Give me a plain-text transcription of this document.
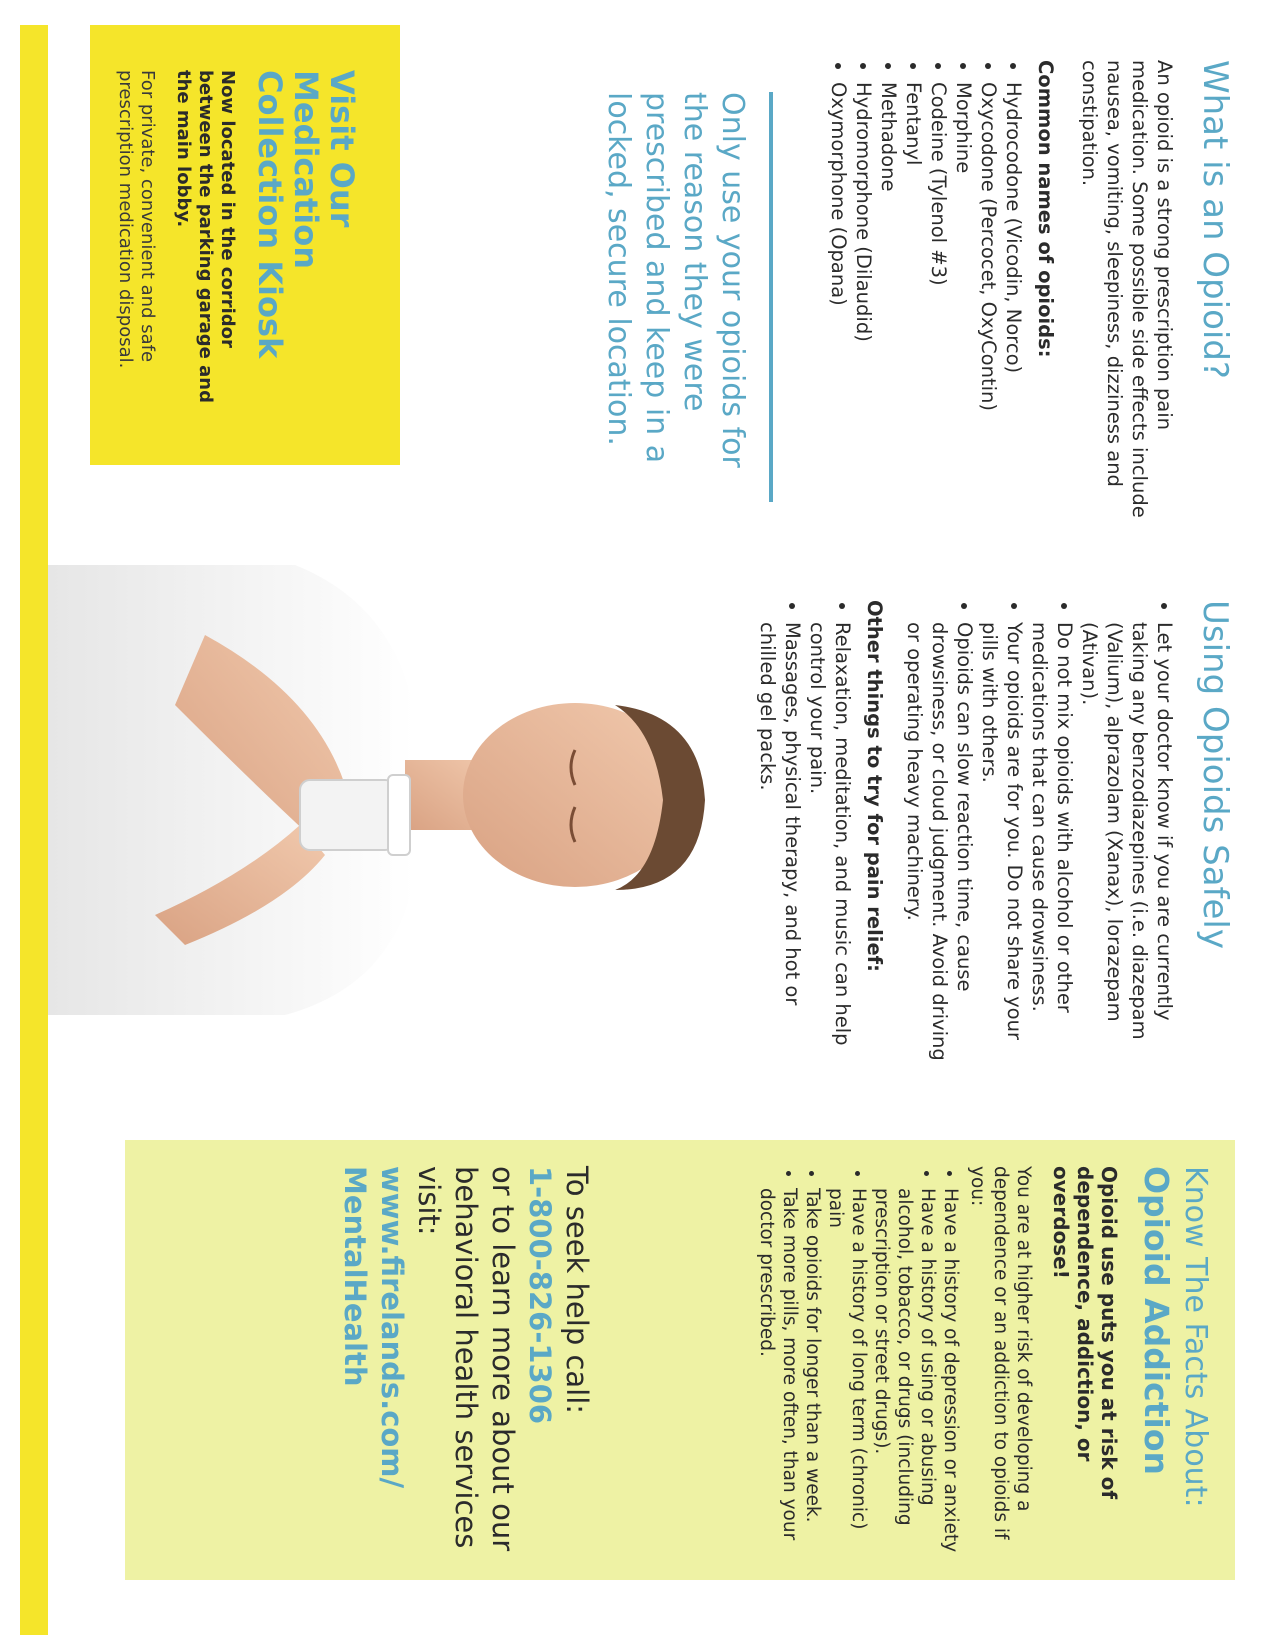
What is an Opioid?

An opioid is a strong prescription pain medication. Some possible side effects include nausea, vomiting, sleepiness, dizziness and constipation.

Common names of opioids:
• Hydrocodone (Vicodin, Norco)
• Oxycodone (Percocet, OxyContin)
• Morphine
• Codeine (Tylenol #3)
• Fentanyl
• Methadone
• Hydromorphone (Dilaudid)
• Oxymorphone (Opana)
Only use your opioids for the reason they were prescribed and keep in a locked, secure location.
Visit Our Medication Collection Kiosk
Now located in the corridor between the parking garage and the main lobby.
For private, convenient and safe prescription medication disposal.
Using Opioids Safely
• Let your doctor know if you are currently taking any benzodiazepines (i.e. diazepam (Valium), alprazolam (Xanax), lorazepam (Ativan).
• Do not mix opioids with alcohol or other medications that can cause drowsiness.
• Your opioids are for you. Do not share your pills with others.
• Opioids can slow reaction time, cause drowsiness, or cloud judgment. Avoid driving or operating heavy machinery.
Other things to try for pain relief:
• Relaxation, meditation, and music can help control your pain.
• Massages, physical therapy, and hot or chilled gel packs.
Know The Facts About:
Opioid Addiction

Opioid use puts you at risk of dependence, addiction, or overdose!

You are at higher risk of developing a dependence or an addiction to opioids if you:

• Have a history of depression or anxiety
• Have a history of using or abusing alcohol, tobacco, or drugs (including prescription or street drugs).
• Have a history of long term (chronic) pain
• Take opioids for longer than a week.
• Take more pills, more often, than your doctor prescribed.
To seek help call:
1-800-826-1306
or to learn more about our behavioral health services visit:
www.firelands.com/ MentalHealth
